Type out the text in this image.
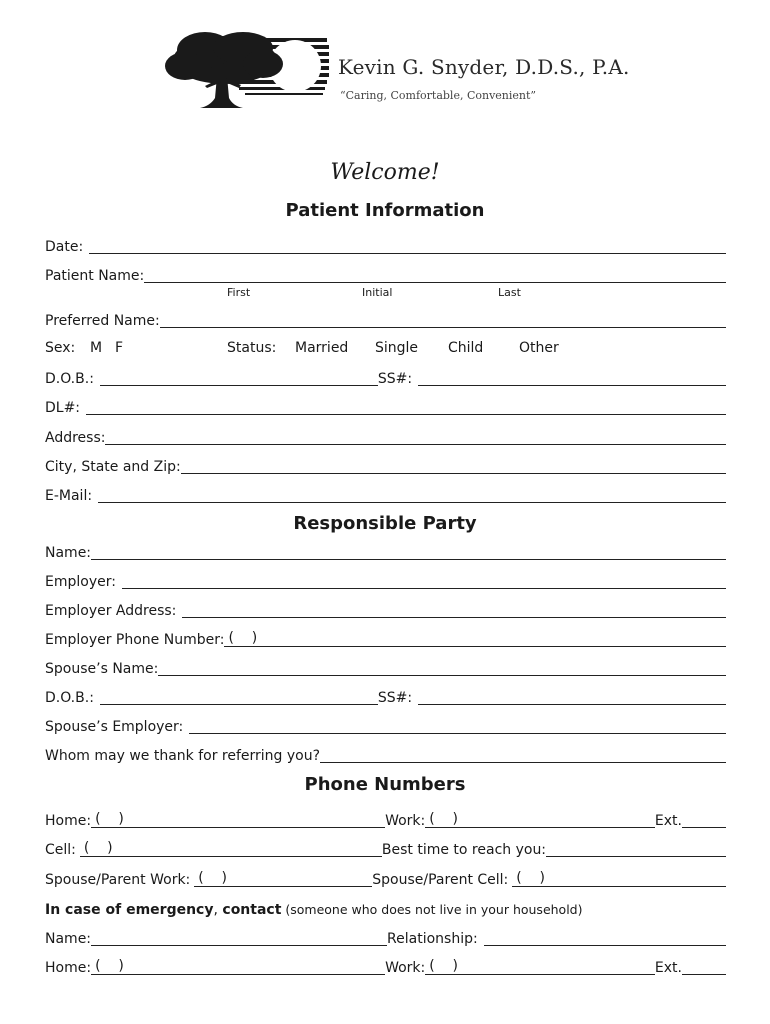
Kevin G. Snyder, D.D.S., P.A.
“Caring, Comfortable, Convenient”
Welcome!
Patient Information
Date:
Patient Name:
First	Initial	Last
Preferred Name:
Sex: M F	Status: Married Single Child	Other
D.O.B.:	SS#:
DL#:
Address:
City, State and Zip:
E-Mail:
Responsible Party
Name:
Employer:
Employer Address:
Employer Phone Number: (    )
Spouse’s Name:
D.O.B.:	SS#:
Spouse’s Employer:
Whom may we thank for referring you?
Phone Numbers
Home: (    )	Work: (    )	Ext.
Cell: (    )	Best time to reach you:
Spouse/Parent Work: (    )	Spouse/Parent Cell: (    )
In case of emergency , contact (someone who does not live in your household)
Name:	Relationship:
Home: (    )	Work: (    )	Ext.
